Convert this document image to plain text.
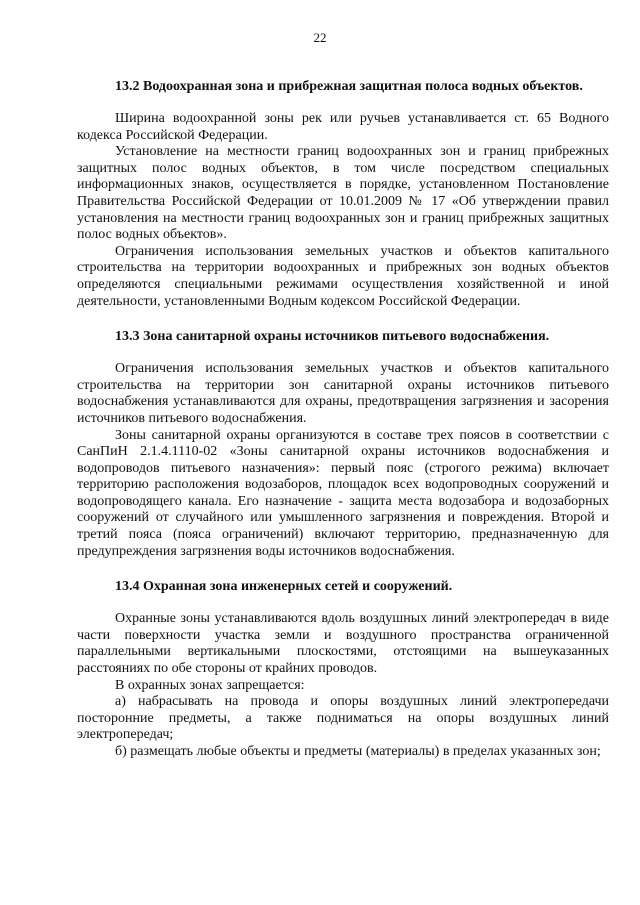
22

13.2 Водоохранная зона и прибрежная защитная полоса водных объектов.

Ширина водоохранной зоны рек или ручьев устанавливается ст. 65 Водного кодекса Российской Федерации.

Установление на местности границ водоохранных зон и границ прибрежных защитных полос водных объектов, в том числе посредством специальных информационных знаков, осуществляется в порядке, установленном Постановление Правительства Российской Федерации от 10.01.2009 № 17 «Об утверждении правил установления на местности границ водоохранных зон и границ прибрежных защитных полос водных объектов».

Ограничения использования земельных участков и объектов капитального строительства на территории водоохранных и прибрежных зон водных объектов определяются специальными режимами осуществления хозяйственной и иной деятельности, установленными Водным кодексом Российской Федерации.

13.3 Зона санитарной охраны источников питьевого водоснабжения.

Ограничения использования земельных участков и объектов капитального строительства на территории зон санитарной охраны источников питьевого водоснабжения устанавливаются для охраны, предотвращения загрязнения и засорения источников питьевого водоснабжения.

Зоны санитарной охраны организуются в составе трех поясов в соответствии с СанПиН 2.1.4.1110-02 «Зоны санитарной охраны источников водоснабжения и водопроводов питьевого назначения»: первый пояс (строгого режима) включает территорию расположения водозаборов, площадок всех водопроводных сооружений и водопроводящего канала. Его назначение - защита места водозабора и водозаборных сооружений от случайного или умышленного загрязнения и повреждения. Второй и третий пояса (пояса ограничений) включают территорию, предназначенную для предупреждения загрязнения воды источников водоснабжения.

13.4 Охранная зона инженерных сетей и сооружений.

Охранные зоны устанавливаются вдоль воздушных линий электропередач в виде части поверхности участка земли и воздушного пространства ограниченной параллельными вертикальными плоскостями, отстоящими на вышеуказанных расстояниях по обе стороны от крайних проводов.

В охранных зонах запрещается:

а) набрасывать на провода и опоры воздушных линий электропередачи посторонние предметы, а также подниматься на опоры воздушных линий электропередач;

б) размещать любые объекты и предметы (материалы) в пределах указанных зон;
